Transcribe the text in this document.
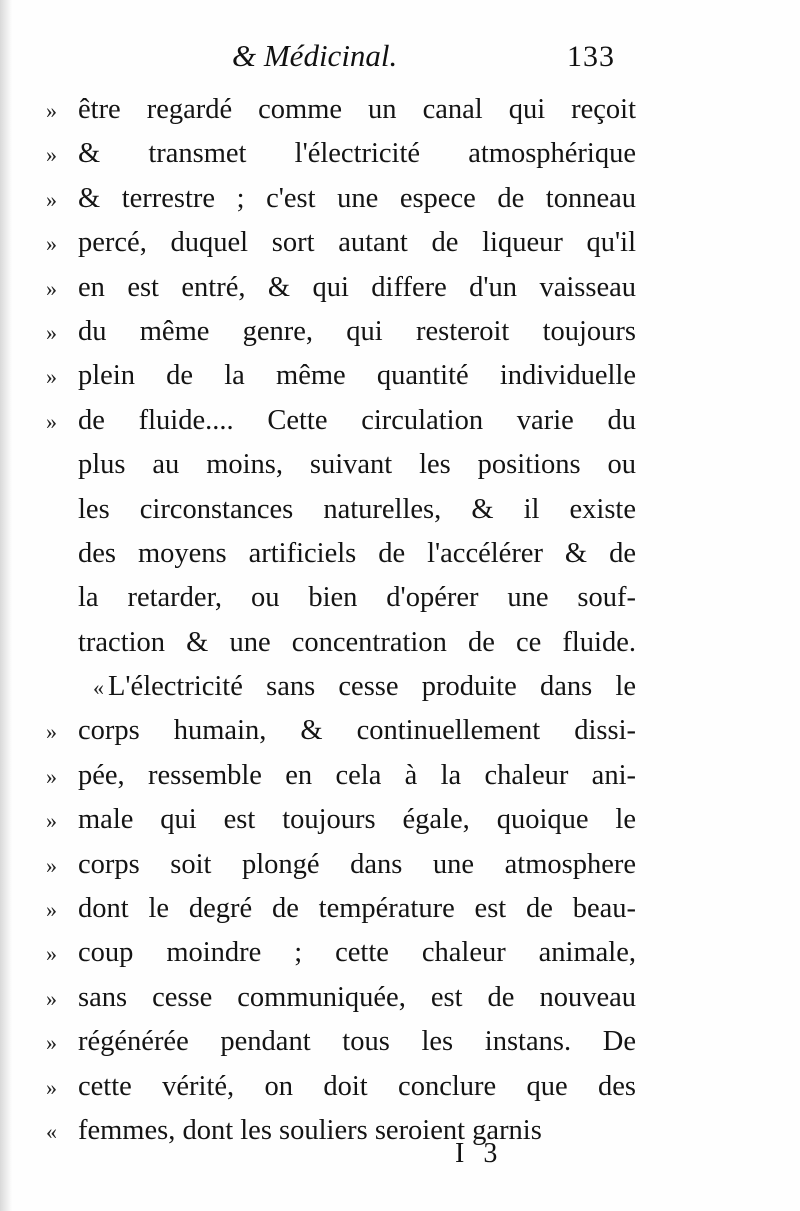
& Médicinal.	133
» être regardé comme un canal qui reçoit
» & transmet l'électricité atmosphérique
» & terrestre ; c'est une espece de tonneau
» percé, duquel sort autant de liqueur qu'il
» en est entré, & qui differe d'un vaisseau
» du même genre, qui resteroit toujours
» plein de la même quantité individuelle
» de fluide.... Cette circulation varie du
plus au moins, suivant les positions ou
les circonstances naturelles, & il existe
des moyens artificiels de l'accélérer & de
la retarder, ou bien d'opérer une souf-
traction & une concentration de ce fluide.
« L'électricité sans cesse produite dans le
» corps humain, & continuellement dissi-
» pée, ressemble en cela à la chaleur ani-
» male qui est toujours égale, quoique le
» corps soit plongé dans une atmosphere
» dont le degré de température est de beau-
» coup moindre ; cette chaleur animale,
» sans cesse communiquée, est de nouveau
» régénérée pendant tous les instans. De
» cette vérité, on doit conclure que des
« femmes, dont les souliers seroient garnis
I 3
